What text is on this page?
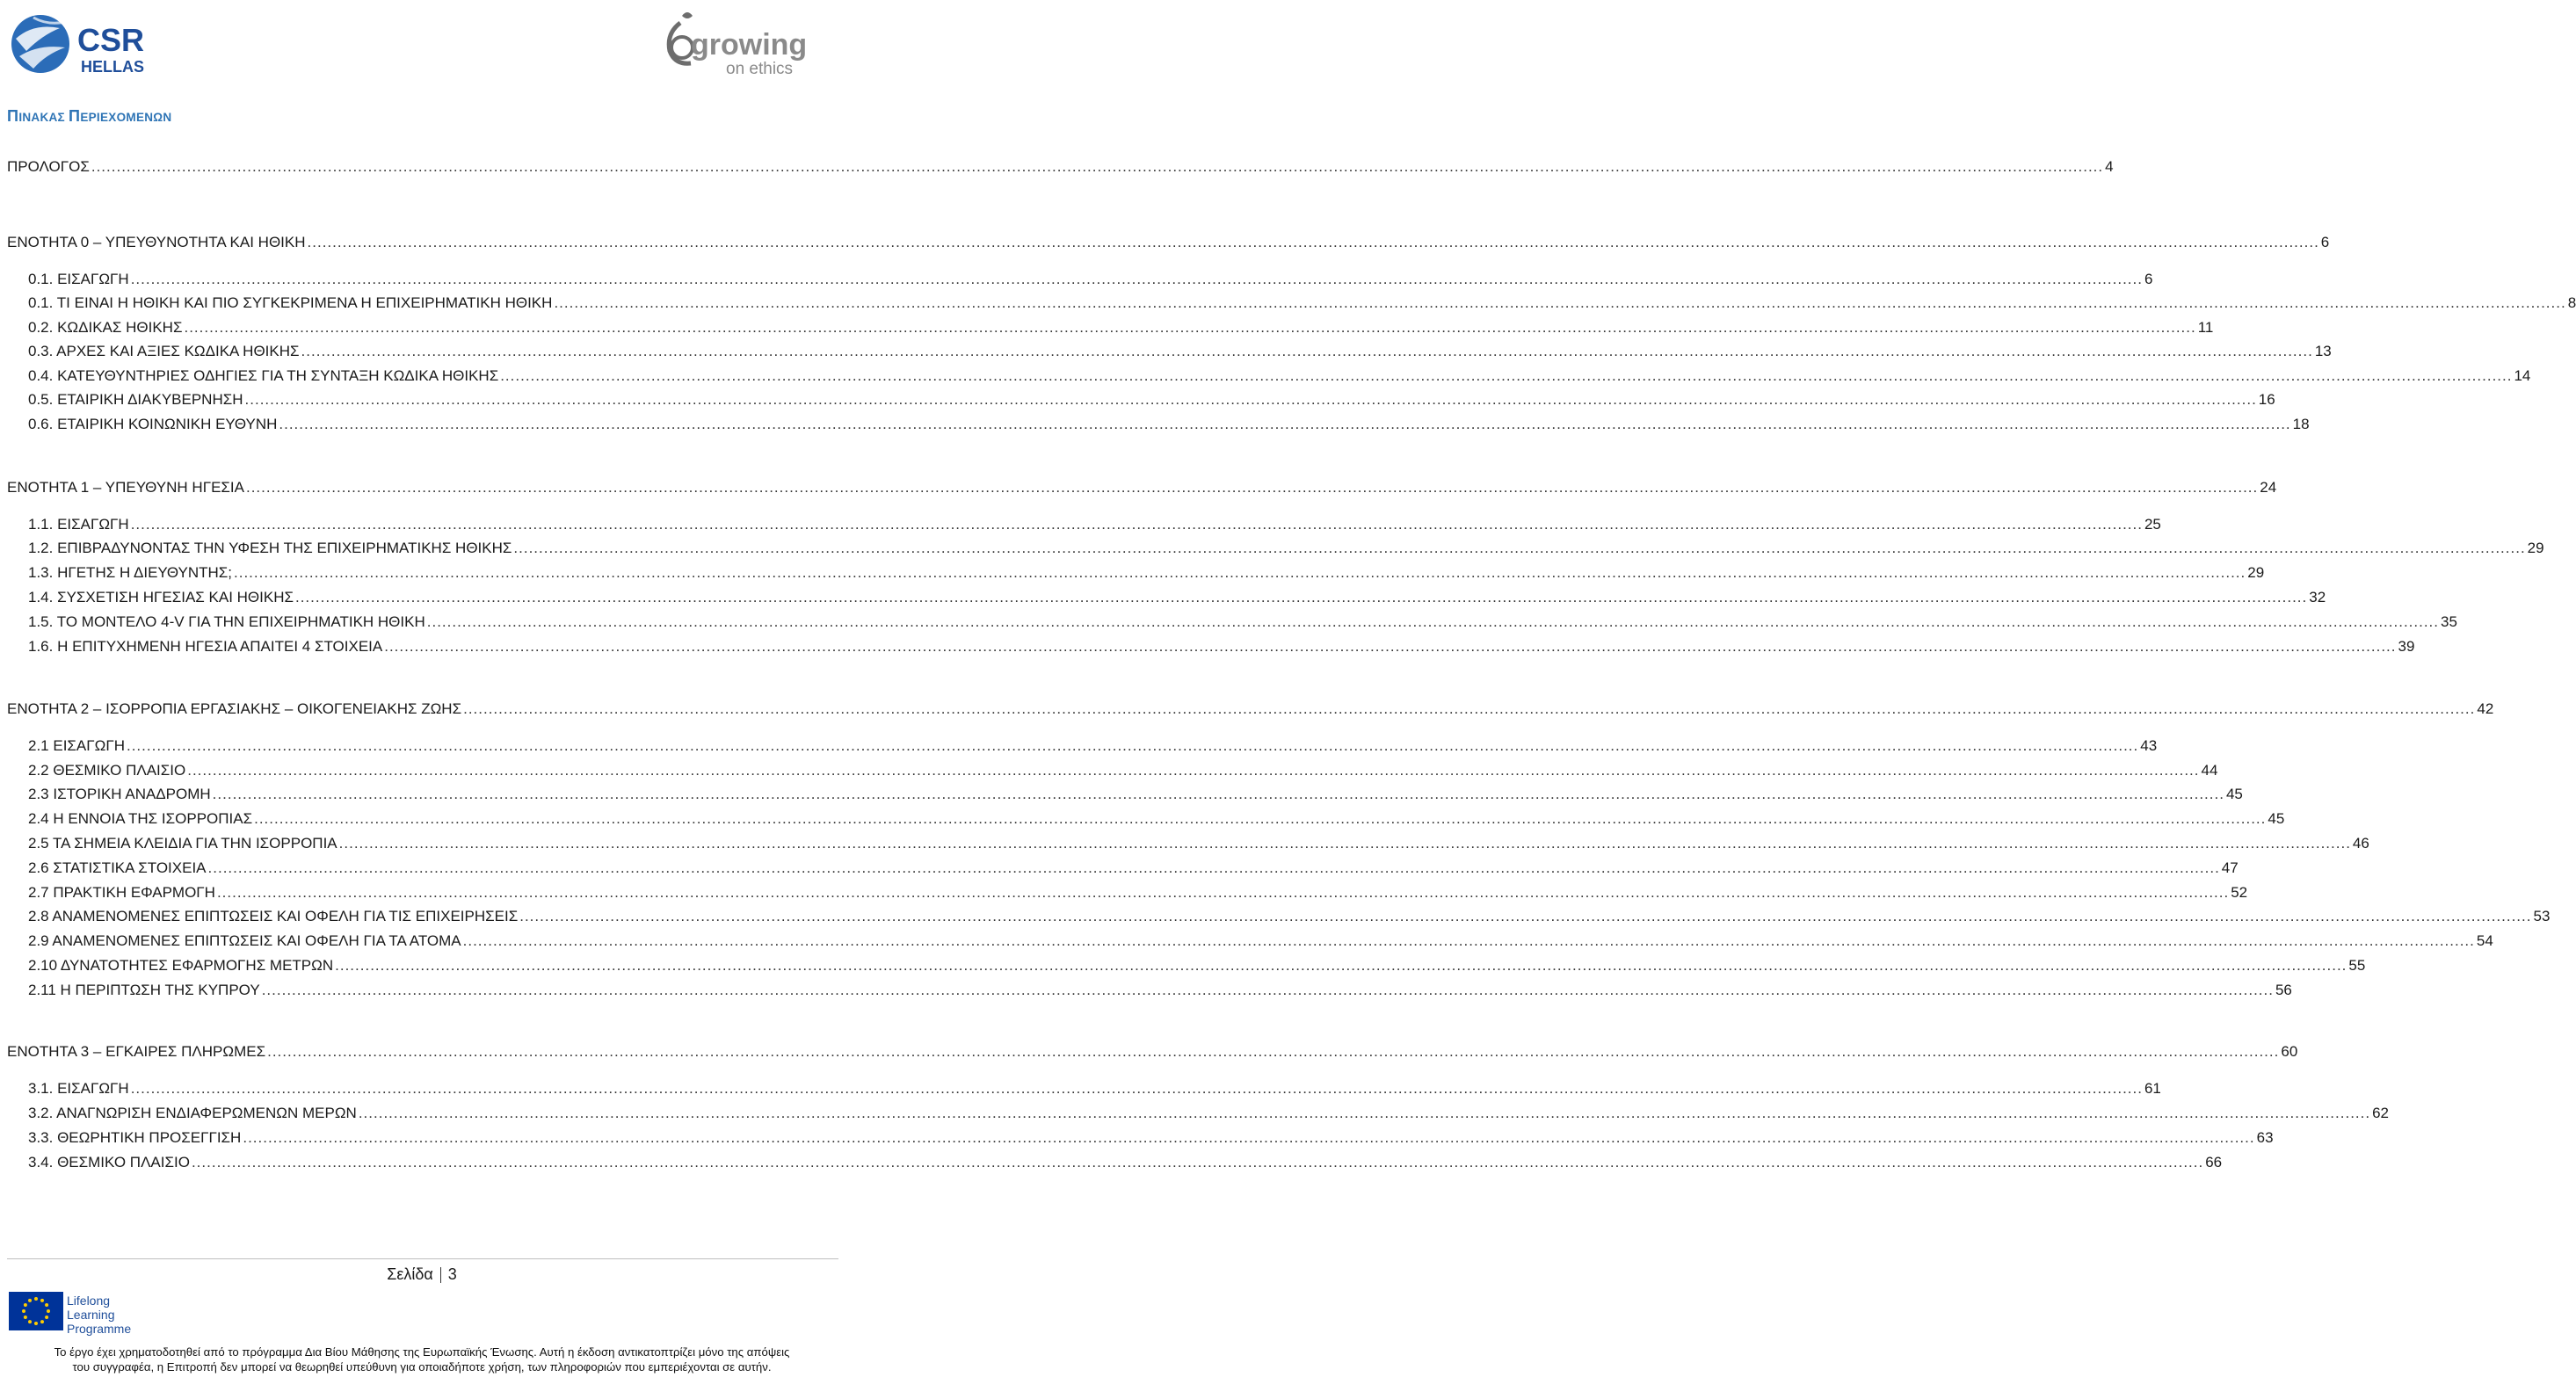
CSR
HELLAS
growing
on ethics
ΠΙΝΑΚΑΣ ΠΕΡΙΕΧΟΜΕΝΩΝ
ΠΡΟΛΟΓΟΣ ................................................................................................................................................................................................................................................................................................................................................................................................................ 4
ΕΝΟΤΗΤΑ 0 – ΥΠΕΥΘΥΝΟΤΗΤΑ ΚΑΙ ΗΘΙΚΗ ................................................................................................................................................................................................................................................................................................................................................................................................................ 6
0.1. ΕΙΣΑΓΩΓΗ ................................................................................................................................................................................................................................................................................................................................................................................................................ 6
0.1. ΤΙ ΕΙΝΑΙ Η ΗΘΙΚΗ ΚΑΙ ΠΙΟ ΣΥΓΚΕΚΡΙΜΕΝΑ Η ΕΠΙΧΕΙΡΗΜΑΤΙΚΗ ΗΘΙΚΗ ................................................................................................................................................................................................................................................................................................................................................................................................................ 8
0.2. ΚΩΔΙΚΑΣ ΗΘΙΚΗΣ ................................................................................................................................................................................................................................................................................................................................................................................................................ 11
0.3. ΑΡΧΕΣ ΚΑΙ ΑΞΙΕΣ ΚΩΔΙΚΑ ΗΘΙΚΗΣ ................................................................................................................................................................................................................................................................................................................................................................................................................ 13
0.4. ΚΑΤΕΥΘΥΝΤΗΡΙΕΣ ΟΔΗΓΙΕΣ ΓΙΑ ΤΗ ΣΥΝΤΑΞΗ ΚΩΔΙΚΑ ΗΘΙΚΗΣ ................................................................................................................................................................................................................................................................................................................................................................................................................ 14
0.5. ΕΤΑΙΡΙΚΗ ΔΙΑΚΥΒΕΡΝΗΣΗ ................................................................................................................................................................................................................................................................................................................................................................................................................ 16
0.6. ΕΤΑΙΡΙΚΗ ΚΟΙΝΩΝΙΚΗ ΕΥΘΥΝΗ ................................................................................................................................................................................................................................................................................................................................................................................................................ 18
ΕΝΟΤΗΤΑ 1 – ΥΠΕΥΘΥΝΗ ΗΓΕΣΙΑ ................................................................................................................................................................................................................................................................................................................................................................................................................ 24
1.1. ΕΙΣΑΓΩΓΗ ................................................................................................................................................................................................................................................................................................................................................................................................................ 25
1.2. ΕΠΙΒΡΑΔΥΝΟΝΤΑΣ ΤΗΝ ΥΦΕΣΗ ΤΗΣ ΕΠΙΧΕΙΡΗΜΑΤΙΚΗΣ ΗΘΙΚΗΣ ................................................................................................................................................................................................................................................................................................................................................................................................................ 29
1.3. ΗΓΕΤΗΣ Η ΔΙΕΥΘΥΝΤΗΣ; ................................................................................................................................................................................................................................................................................................................................................................................................................ 29
1.4. ΣΥΣΧΕΤΙΣΗ ΗΓΕΣΙΑΣ ΚΑΙ ΗΘΙΚΗΣ ................................................................................................................................................................................................................................................................................................................................................................................................................ 32
1.5. ΤΟ ΜΟΝΤΕΛΟ 4-V ΓΙΑ ΤΗΝ ΕΠΙΧΕΙΡΗΜΑΤΙΚΗ ΗΘΙΚΗ ................................................................................................................................................................................................................................................................................................................................................................................................................ 35
1.6. Η ΕΠΙΤΥΧΗΜΕΝΗ ΗΓΕΣΙΑ ΑΠΑΙΤΕΙ 4 ΣΤΟΙΧΕΙΑ ................................................................................................................................................................................................................................................................................................................................................................................................................ 39
ΕΝΟΤΗΤΑ 2 – ΙΣΟΡΡΟΠΙΑ ΕΡΓΑΣΙΑΚΗΣ – ΟΙΚΟΓΕΝΕΙΑΚΗΣ ΖΩΗΣ ................................................................................................................................................................................................................................................................................................................................................................................................................ 42
2.1 ΕΙΣΑΓΩΓΗ ................................................................................................................................................................................................................................................................................................................................................................................................................ 43
2.2 ΘΕΣΜΙΚΟ ΠΛΑΙΣΙΟ ................................................................................................................................................................................................................................................................................................................................................................................................................ 44
2.3 ΙΣΤΟΡΙΚΗ ΑΝΑΔΡΟΜΗ ................................................................................................................................................................................................................................................................................................................................................................................................................ 45
2.4 Η ΕΝΝΟΙΑ ΤΗΣ ΙΣΟΡΡΟΠΙΑΣ ................................................................................................................................................................................................................................................................................................................................................................................................................ 45
2.5 ΤΑ ΣΗΜΕΙΑ ΚΛΕΙΔΙΑ ΓΙΑ ΤΗΝ ΙΣΟΡΡΟΠΙΑ ................................................................................................................................................................................................................................................................................................................................................................................................................ 46
2.6 ΣΤΑΤΙΣΤΙΚΑ ΣΤΟΙΧΕΙΑ ................................................................................................................................................................................................................................................................................................................................................................................................................ 47
2.7 ΠΡΑΚΤΙΚΗ ΕΦΑΡΜΟΓΗ ................................................................................................................................................................................................................................................................................................................................................................................................................ 52
2.8 ΑΝΑΜΕΝΟΜΕΝΕΣ ΕΠΙΠΤΩΣΕΙΣ ΚΑΙ ΟΦΕΛΗ ΓΙΑ ΤΙΣ ΕΠΙΧΕΙΡΗΣΕΙΣ ................................................................................................................................................................................................................................................................................................................................................................................................................ 53
2.9 ΑΝΑΜΕΝΟΜΕΝΕΣ ΕΠΙΠΤΩΣΕΙΣ ΚΑΙ ΟΦΕΛΗ ΓΙΑ ΤΑ ΑΤΟΜΑ ................................................................................................................................................................................................................................................................................................................................................................................................................ 54
2.10 ΔΥΝΑΤΟΤΗΤΕΣ ΕΦΑΡΜΟΓΗΣ ΜΕΤΡΩΝ ................................................................................................................................................................................................................................................................................................................................................................................................................ 55
2.11 Η ΠΕΡΙΠΤΩΣΗ ΤΗΣ ΚΥΠΡΟΥ ................................................................................................................................................................................................................................................................................................................................................................................................................ 56
ΕΝΟΤΗΤΑ 3 – ΕΓΚΑΙΡΕΣ ΠΛΗΡΩΜΕΣ ................................................................................................................................................................................................................................................................................................................................................................................................................ 60
3.1. ΕΙΣΑΓΩΓΗ ................................................................................................................................................................................................................................................................................................................................................................................................................ 61
3.2. ΑΝΑΓΝΩΡΙΣΗ ΕΝΔΙΑΦΕΡΩΜΕΝΩΝ ΜΕΡΩΝ ................................................................................................................................................................................................................................................................................................................................................................................................................ 62
3.3. ΘΕΩΡΗΤΙΚΗ ΠΡΟΣΕΓΓΙΣΗ ................................................................................................................................................................................................................................................................................................................................................................................................................ 63
3.4. ΘΕΣΜΙΚΟ ΠΛΑΙΣΙΟ ................................................................................................................................................................................................................................................................................................................................................................................................................ 66
Σελίδα 3
Lifelong
Learning
Programme
Το έργο έχει χρηματοδοτηθεί από το πρόγραμμα Δια Βίου Μάθησης της Ευρωπαϊκής Ένωσης. Αυτή η έκδοση αντικατοπτρίζει μόνο της απόψεις
του συγγραφέα, η Επιτροπή δεν μπορεί να θεωρηθεί υπεύθυνη για οποιαδήποτε χρήση, των πληροφοριών που εμπεριέχονται σε αυτήν.
